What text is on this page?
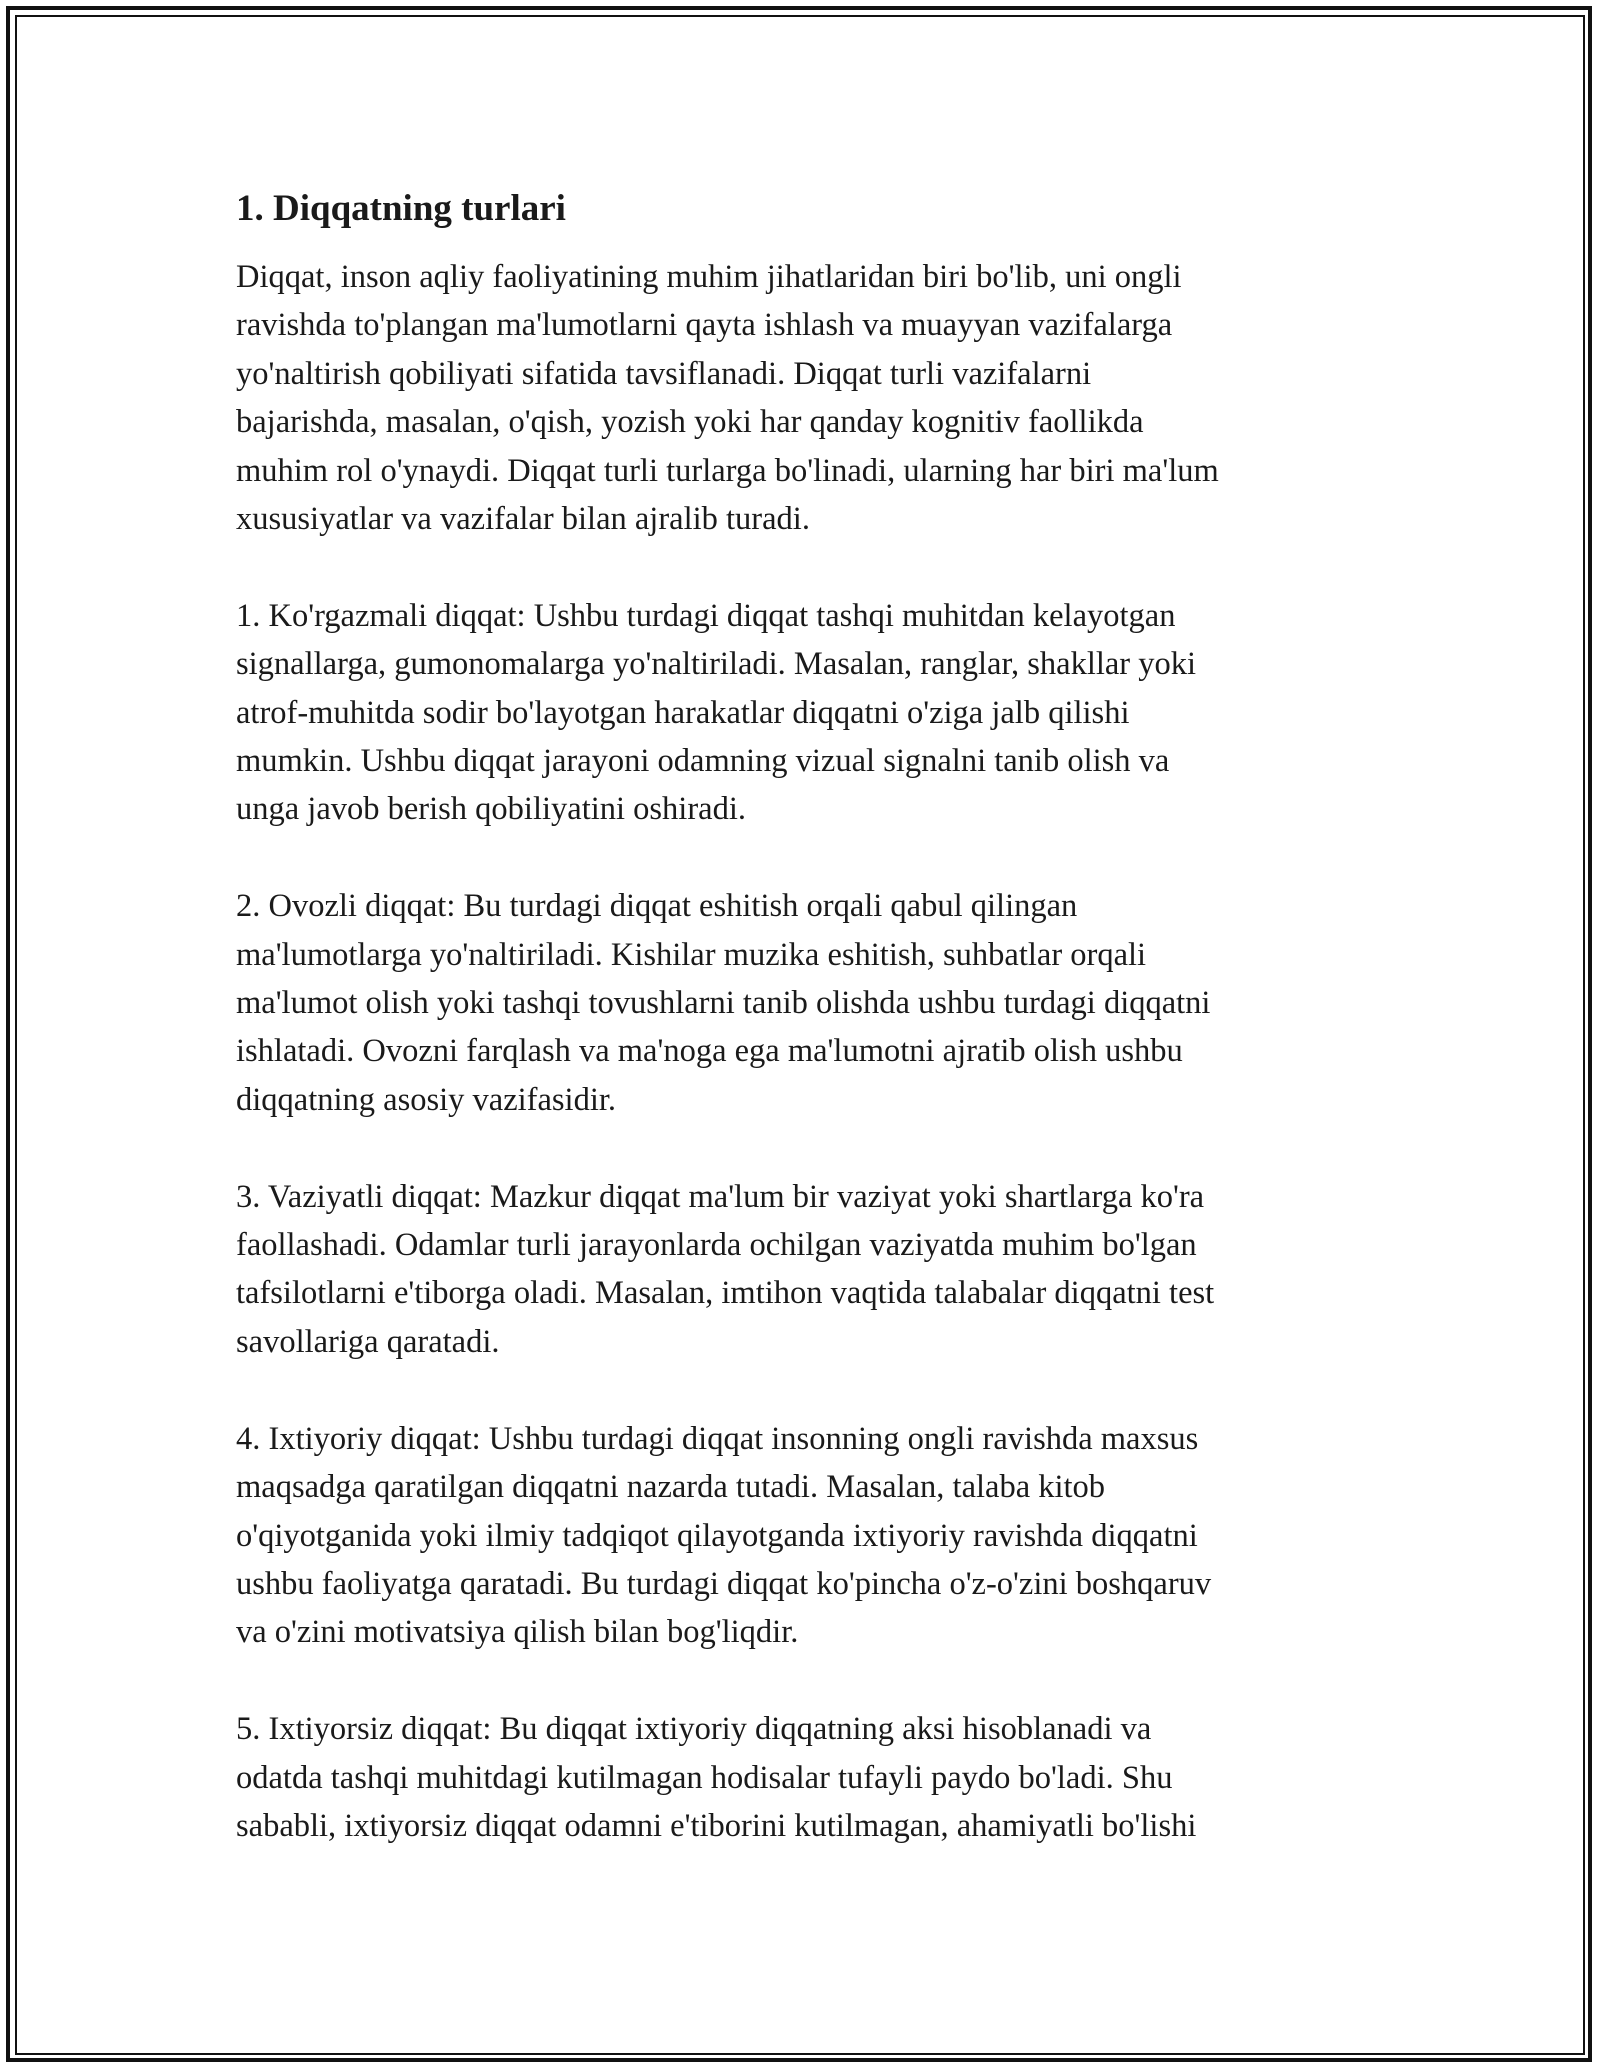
1. Diqqatning turlari
Diqqat, inson aqliy faoliyatining muhim jihatlaridan biri bo'lib, uni ongli
ravishda to'plangan ma'lumotlarni qayta ishlash va muayyan vazifalarga
yo'naltirish qobiliyati sifatida tavsiflanadi. Diqqat turli vazifalarni
bajarishda, masalan, o'qish, yozish yoki har qanday kognitiv faollikda
muhim rol o'ynaydi. Diqqat turli turlarga bo'linadi, ularning har biri ma'lum
xususiyatlar va vazifalar bilan ajralib turadi.
1. Ko'rgazmali diqqat: Ushbu turdagi diqqat tashqi muhitdan kelayotgan
signallarga, gumonomalarga yo'naltiriladi. Masalan, ranglar, shakllar yoki
atrof-muhitda sodir bo'layotgan harakatlar diqqatni o'ziga jalb qilishi
mumkin. Ushbu diqqat jarayoni odamning vizual signalni tanib olish va
unga javob berish qobiliyatini oshiradi.
2. Ovozli diqqat: Bu turdagi diqqat eshitish orqali qabul qilingan
ma'lumotlarga yo'naltiriladi. Kishilar muzika eshitish, suhbatlar orqali
ma'lumot olish yoki tashqi tovushlarni tanib olishda ushbu turdagi diqqatni
ishlatadi. Ovozni farqlash va ma'noga ega ma'lumotni ajratib olish ushbu
diqqatning asosiy vazifasidir.
3. Vaziyatli diqqat: Mazkur diqqat ma'lum bir vaziyat yoki shartlarga ko'ra
faollashadi. Odamlar turli jarayonlarda ochilgan vaziyatda muhim bo'lgan
tafsilotlarni e'tiborga oladi. Masalan, imtihon vaqtida talabalar diqqatni test
savollariga qaratadi.
4. Ixtiyoriy diqqat: Ushbu turdagi diqqat insonning ongli ravishda maxsus
maqsadga qaratilgan diqqatni nazarda tutadi. Masalan, talaba kitob
o'qiyotganida yoki ilmiy tadqiqot qilayotganda ixtiyoriy ravishda diqqatni
ushbu faoliyatga qaratadi. Bu turdagi diqqat ko'pincha o'z-o'zini boshqaruv
va o'zini motivatsiya qilish bilan bog'liqdir.
5. Ixtiyorsiz diqqat: Bu diqqat ixtiyoriy diqqatning aksi hisoblanadi va
odatda tashqi muhitdagi kutilmagan hodisalar tufayli paydo bo'ladi. Shu
sababli, ixtiyorsiz diqqat odamni e'tiborini kutilmagan, ahamiyatli bo'lishi
